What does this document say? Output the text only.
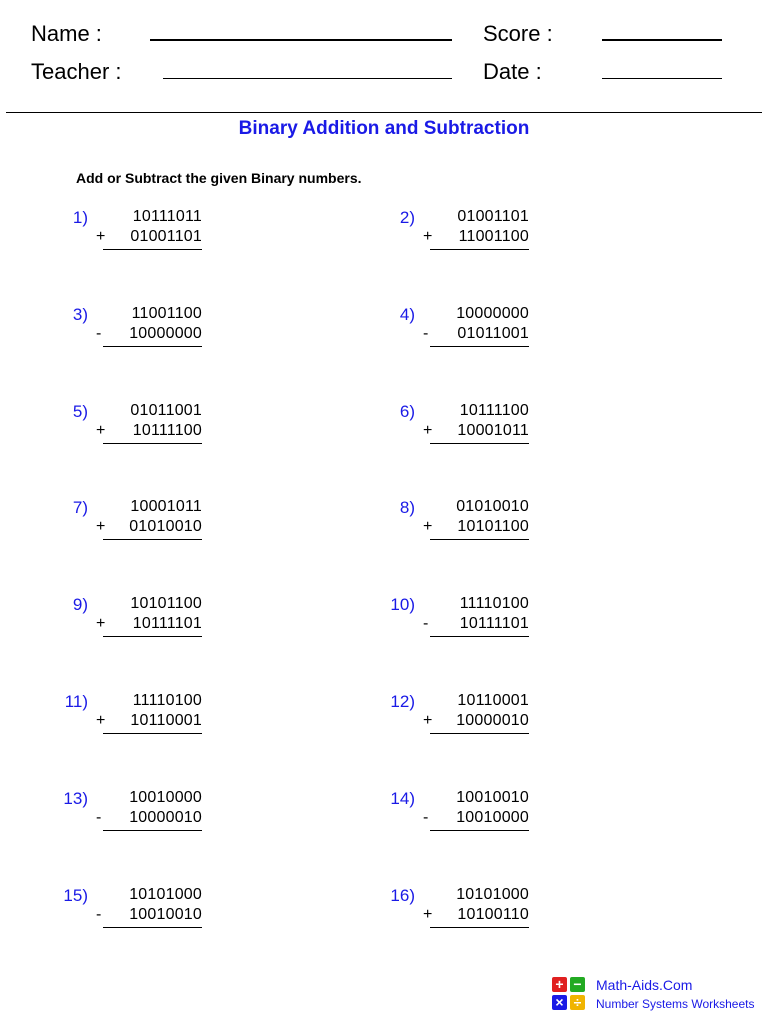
Name :
Teacher :
Score :
Date :
Binary Addition and Subtraction
Add or Subtract the given Binary numbers.
1)	10111011
+ 01001101
2)	01001101
+ 11001100
3)	11001100
- 10000000
4)	10000000
- 01011001
5)	01011001
+ 10111100
6)	10111100
+ 10001011
7)	10001011
+ 01010010
8)	01010010
+ 10101100
9)	10101100
+ 10111101
10)	11110100
- 10111101
11)	11110100
+ 10110001
12)	10110001
+ 10000010
13)	10010000
- 10000010
14)	10010010
- 10010000
15)	10101000
- 10010010
16)	10101000
+ 10100110
+ −
× ÷
Math-Aids.Com
Number Systems Worksheets
